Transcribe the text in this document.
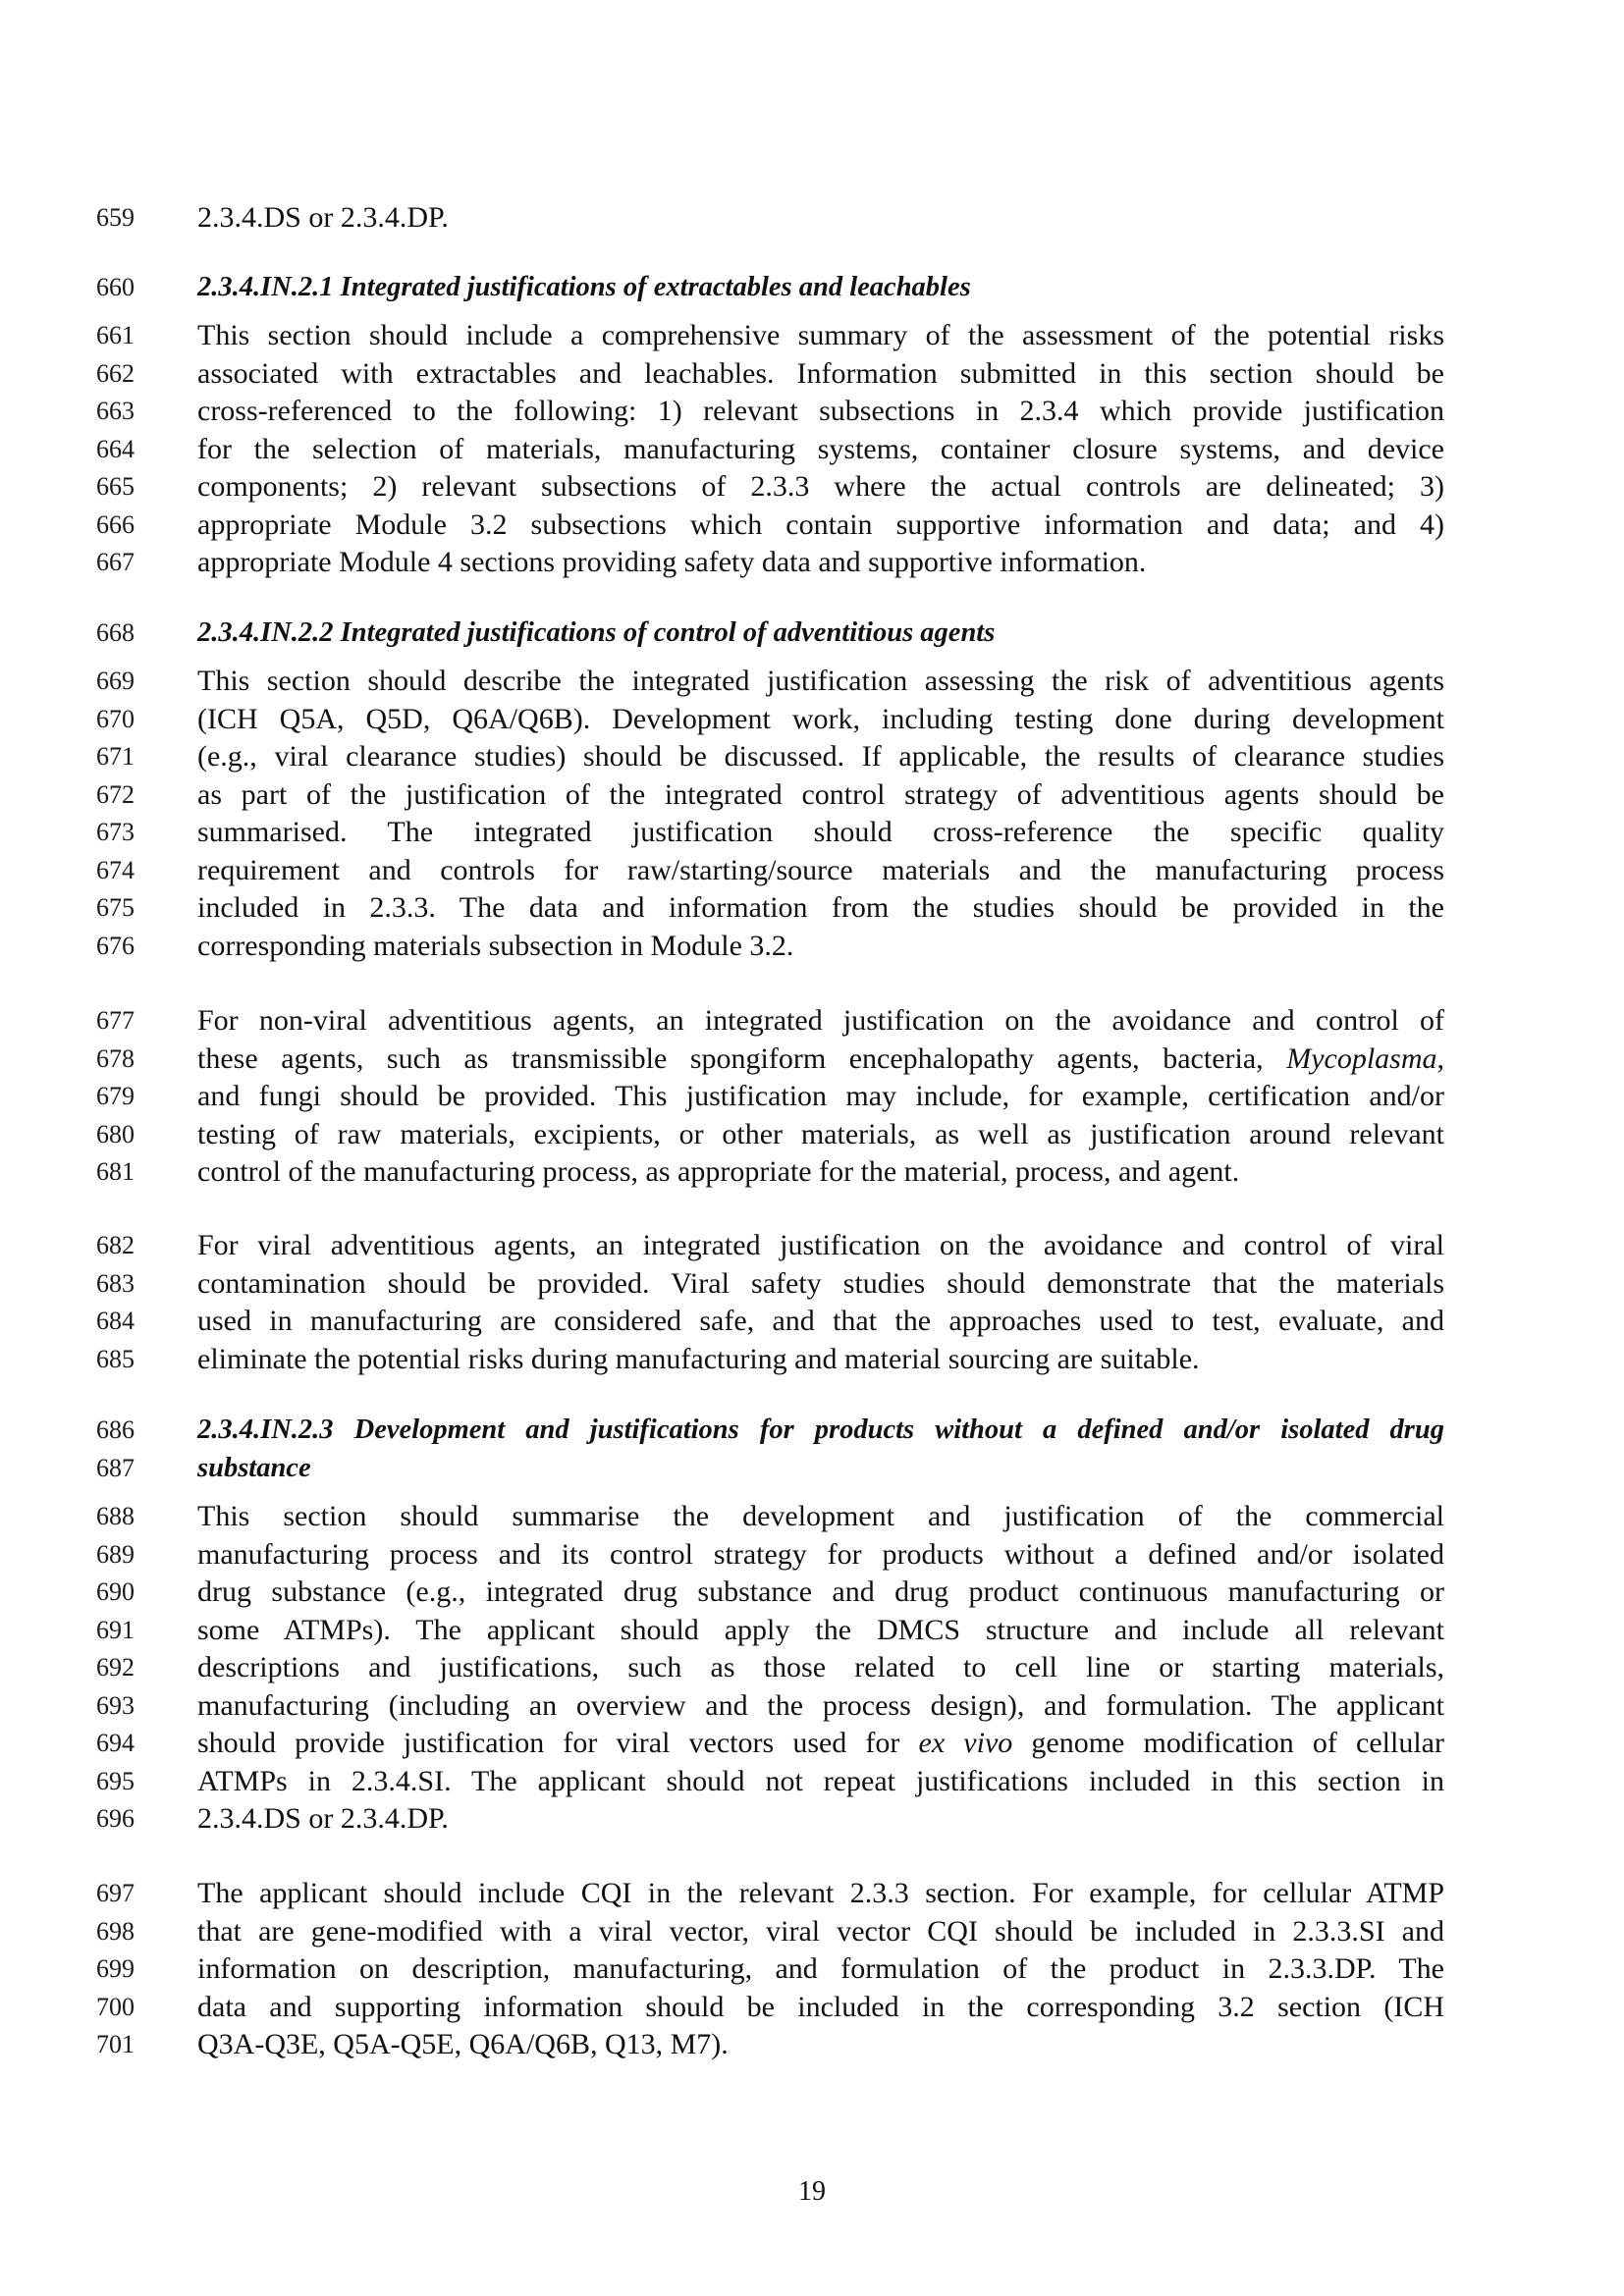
659	2.3.4.DS or 2.3.4.DP.
660	2.3.4.IN.2.1 Integrated justifications of extractables and leachables
661	This section should include a comprehensive summary of the assessment of the potential risks
662	associated with extractables and leachables. Information submitted in this section should be
663	cross-referenced to the following: 1) relevant subsections in 2.3.4 which provide justification
664	for the selection of materials, manufacturing systems, container closure systems, and device
665	components; 2) relevant subsections of 2.3.3 where the actual controls are delineated; 3)
666	appropriate Module 3.2 subsections which contain supportive information and data; and 4)
667	appropriate Module 4 sections providing safety data and supportive information.
668	2.3.4.IN.2.2 Integrated justifications of control of adventitious agents
669	This section should describe the integrated justification assessing the risk of adventitious agents
670	(ICH Q5A, Q5D, Q6A/Q6B). Development work, including testing done during development
671	(e.g., viral clearance studies) should be discussed. If applicable, the results of clearance studies
672	as part of the justification of the integrated control strategy of adventitious agents should be
673	summarised. The integrated justification should cross-reference the specific quality
674	requirement and controls for raw/starting/source materials and the manufacturing process
675	included in 2.3.3. The data and information from the studies should be provided in the
676	corresponding materials subsection in Module 3.2.
677	For non-viral adventitious agents, an integrated justification on the avoidance and control of
678	these agents, such as transmissible spongiform encephalopathy agents, bacteria, Mycoplasma,
679	and fungi should be provided. This justification may include, for example, certification and/or
680	testing of raw materials, excipients, or other materials, as well as justification around relevant
681	control of the manufacturing process, as appropriate for the material, process, and agent.
682	For viral adventitious agents, an integrated justification on the avoidance and control of viral
683	contamination should be provided. Viral safety studies should demonstrate that the materials
684	used in manufacturing are considered safe, and that the approaches used to test, evaluate, and
685	eliminate the potential risks during manufacturing and material sourcing are suitable.
686	2.3.4.IN.2.3 Development and justifications for products without a defined and/or isolated drug
687	substance
688	This section should summarise the development and justification of the commercial
689	manufacturing process and its control strategy for products without a defined and/or isolated
690	drug substance (e.g., integrated drug substance and drug product continuous manufacturing or
691	some ATMPs). The applicant should apply the DMCS structure and include all relevant
692	descriptions and justifications, such as those related to cell line or starting materials,
693	manufacturing (including an overview and the process design), and formulation. The applicant
694	should provide justification for viral vectors used for ex vivo genome modification of cellular
695	ATMPs in 2.3.4.SI. The applicant should not repeat justifications included in this section in
696	2.3.4.DS or 2.3.4.DP.
697	The applicant should include CQI in the relevant 2.3.3 section. For example, for cellular ATMP
698	that are gene-modified with a viral vector, viral vector CQI should be included in 2.3.3.SI and
699	information on description, manufacturing, and formulation of the product in 2.3.3.DP. The
700	data and supporting information should be included in the corresponding 3.2 section (ICH
701	Q3A-Q3E, Q5A-Q5E, Q6A/Q6B, Q13, M7).
19
